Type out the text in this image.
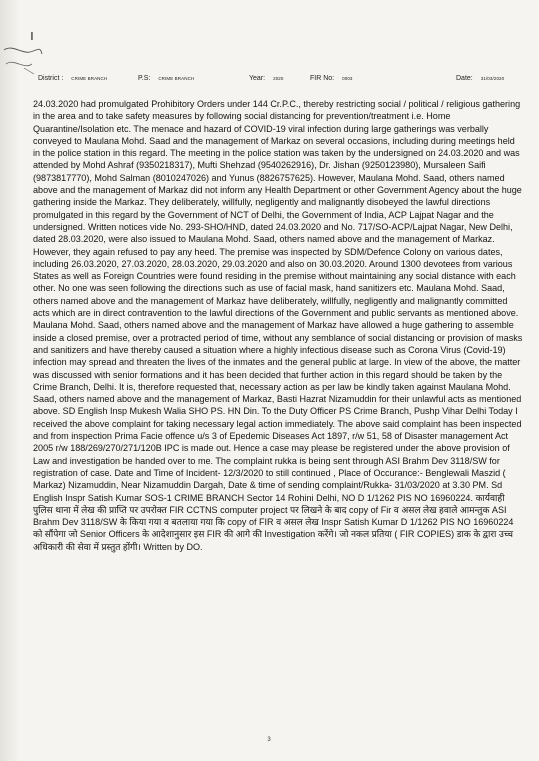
ı
District : CRIME BRANCH	P.S: CRIME BRANCH	Year: 2020	FIR No: 0003	Date: 31/03/2020

24.03.2020 had promulgated Prohibitory Orders under 144 Cr.P.C., thereby restricting social / political / religious gathering in the area and to take safety measures by following social distancing for prevention/treatment i.e. Home Quarantine/Isolation etc. The menace and hazard of COVID-19 viral infection during large gatherings was verbally conveyed to Maulana Mohd. Saad and the management of Markaz on several occasions, including during meetings held in the police station in this regard. The meeting in the police station was taken by the undersigned on 24.03.2020 and was attended by Mohd Ashraf (9350218317), Mufti Shehzad (9540262916), Dr. Jishan (9250123980), Mursaleen Saifi (9873817770), Mohd Salman (8010247026) and Yunus (8826757625). However, Maulana Mohd. Saad, others named above and the management of Markaz did not inform any Health Department or other Government Agency about the huge gathering inside the Markaz. They deliberately, willfully, negligently and malignantly disobeyed the lawful directions promulgated in this regard by the Government of NCT of Delhi, the Government of India, ACP Lajpat Nagar and the undersigned. Written notices vide No. 293-SHO/HND, dated 24.03.2020 and No. 717/SO-ACP/Lajpat Nagar, New Delhi, dated 28.03.2020, were also issued to Maulana Mohd. Saad, others named above and the management of Markaz. However, they again refused to pay any heed. The premise was inspected by SDM/Defence Colony on various dates, including 26.03.2020, 27.03.2020, 28.03.2020, 29.03.2020 and also on 30.03.2020. Around 1300 devotees from various States as well as Foreign Countries were found residing in the premise without maintaining any social distance with each other. No one was seen following the directions such as use of facial mask, hand sanitizers etc. Maulana Mohd. Saad, others named above and the management of Markaz have deliberately, willfully, negligently and malignantly committed acts which are in direct contravention to the lawful directions of the Government and public servants as mentioned above. Maulana Mohd. Saad, others named above and the management of Markaz have allowed a huge gathering to assemble inside a closed premise, over a protracted period of time, without any semblance of social distancing or provision of masks and sanitizers and have thereby caused a situation where a highly infectious disease such as Corona Virus (Covid-19) infection may spread and threaten the lives of the inmates and the general public at large. In view of the above, the matter was discussed with senior formations and it has been decided that further action in this regard should be taken by the Crime Branch, Delhi. It is, therefore requested that, necessary action as per law be kindly taken against Maulana Mohd. Saad, others named above and the management of Markaz, Basti Hazrat Nizamuddin for their unlawful acts as mentioned above. SD English Insp Mukesh Walia SHO PS. HN Din. To the Duty Officer PS Crime Branch, Pushp Vihar Delhi Today I received the above complaint for taking necessary legal action immediately. The above said complaint has been inspected and from inspection Prima Facie offence u/s 3 of Epedemic Diseases Act 1897, r/w 51, 58 of Disaster management Act 2005 r/w 188/269/270/271/120B IPC is made out. Hence a case may please be registered under the above provision of Law and investigation be handed over to me. The complaint rukka is being sent through ASI Brahm Dev 3118/SW for registration of case. Date and Time of Incident- 12/3/2020 to still continued , Place of Occurance:- Benglewali Maszid ( Markaz) Nizamuddin, Near Nizamuddin Dargah, Date & time of sending complaint/Rukka- 31/03/2020 at 3.30 PM. Sd English Inspr Satish Kumar SOS-1 CRIME BRANCH Sector 14 Rohini Delhi, NO D 1/1262 PIS NO 16960224. कार्यवाही पुलिस थाना में लेख की प्राप्ति पर उपरोक्त FIR CCTNS computer project पर लिखने के बाद copy of Fir व असल लेख हवाले आमन्तुक ASI Brahm Dev 3118/SW के किया गया व बतलाया गया कि copy of FIR व असल लेख Inspr Satish Kumar D 1/1262 PIS NO 16960224 को सौंपेगा जो Senior Officers के आदेशानुसार इस FIR की आगे की Investigation करेंगे। जो नकल प्रतिया ( FIR COPIES) डाक के द्वारा उच्च अधिकारी की सेवा में प्रस्तुत होंगी। Written by DO.

3
